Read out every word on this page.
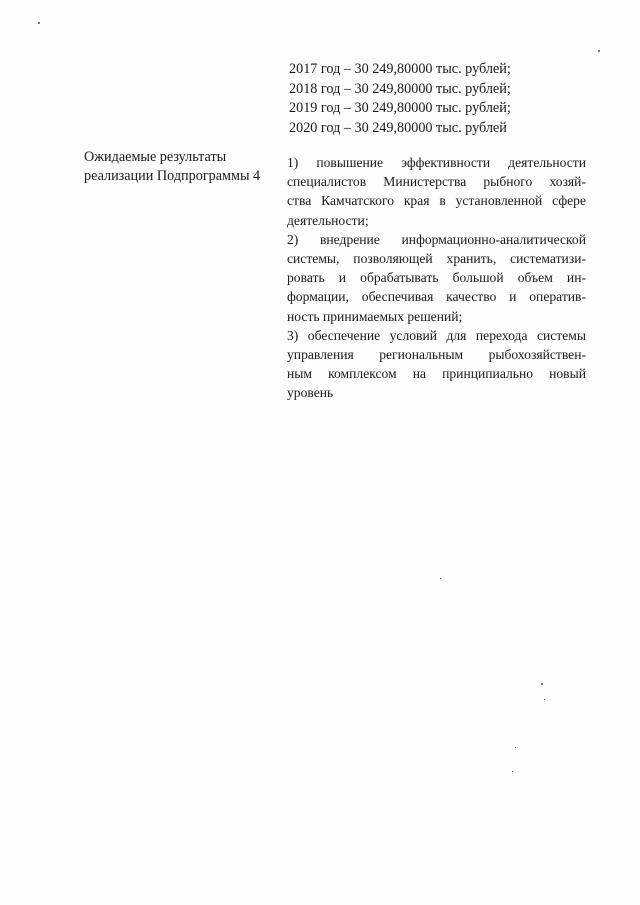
2017 год – 30 249,80000 тыс. рублей;
2018 год – 30 249,80000 тыс. рублей;
2019 год – 30 249,80000 тыс. рублей;
2020 год – 30 249,80000 тыс. рублей
Ожидаемые результаты
реализации Подпрограммы 4
1) повышение эффективности деятельности
специалистов Министерства рыбного хозяй-
ства Камчатского края в установленной сфере
деятельности;
2) внедрение информационно-аналитической
системы, позволяющей хранить, систематизи-
ровать и обрабатывать большой объем ин-
формации, обеспечивая качество и оператив-
ность принимаемых решений;
3) обеспечение условий для перехода системы
управления региональным рыбохозяйствен-
ным комплексом на принципиально новый
уровень
